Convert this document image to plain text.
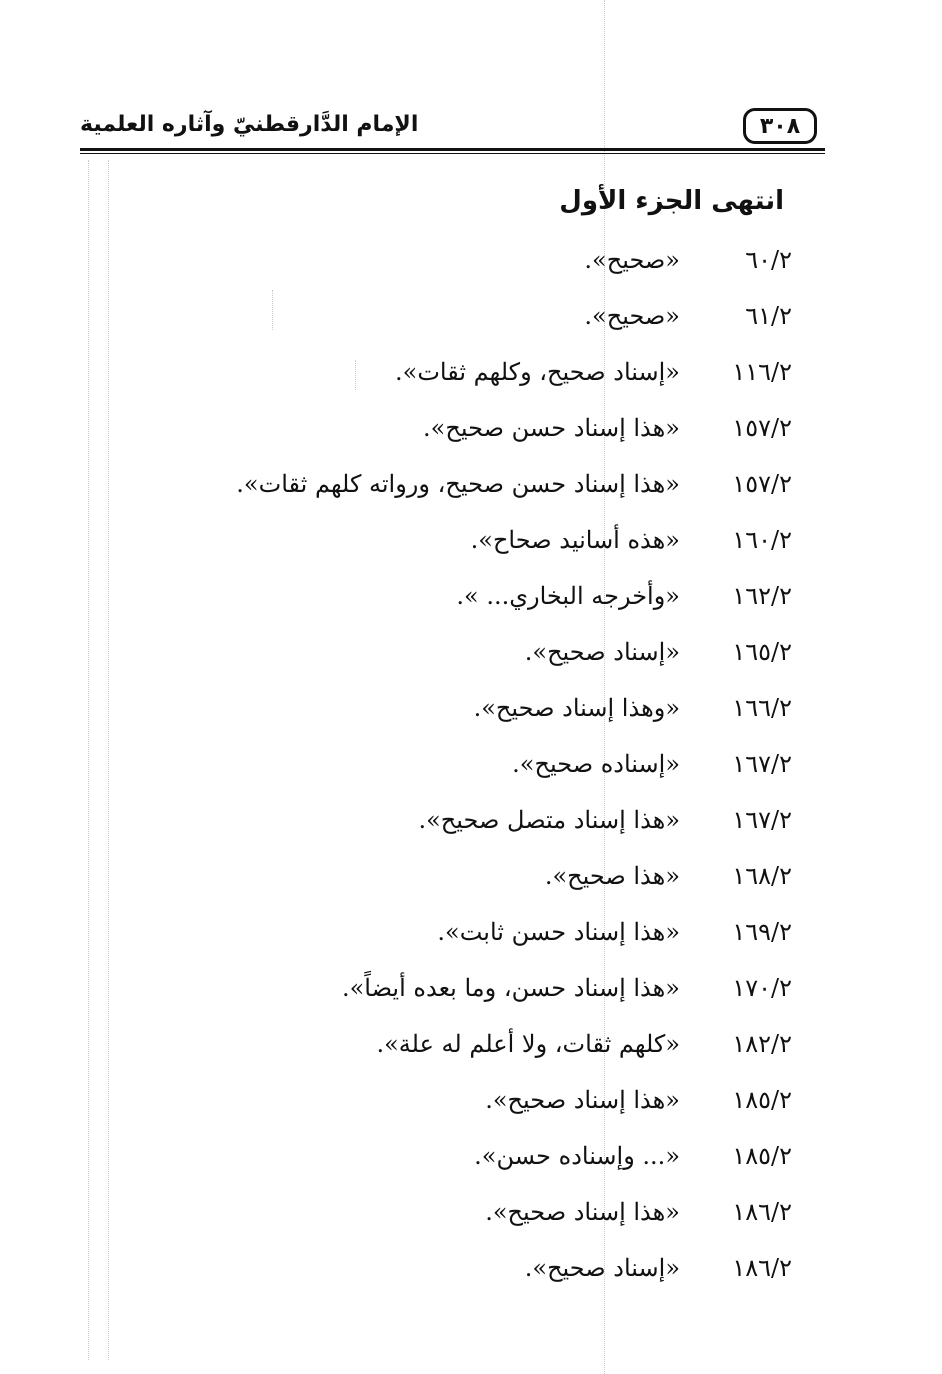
الإمام الدَّارقطنيّ وآثاره العلمية	٣٠٨
انتهى الجزء الأول
٦٠/٢
«صحيح».
٦١/٢
«صحيح».
١١٦/٢
«إسناد صحيح، وكلهم ثقات».
١٥٧/٢
«هذا إسناد حسن صحيح».
١٥٧/٢
«هذا إسناد حسن صحيح، ورواته كلهم ثقات».
١٦٠/٢
«هذه أسانيد صحاح».
١٦٢/٢
«وأخرجه البخاري... ».
١٦٥/٢
«إسناد صحيح».
١٦٦/٢
«وهذا إسناد صحيح».
١٦٧/٢
«إسناده صحيح».
١٦٧/٢
«هذا إسناد متصل صحيح».
١٦٨/٢
«هذا صحيح».
١٦٩/٢
«هذا إسناد حسن ثابت».
١٧٠/٢
«هذا إسناد حسن، وما بعده أيضاً».
١٨٢/٢
«كلهم ثقات، ولا أعلم له علة».
١٨٥/٢
«هذا إسناد صحيح».
١٨٥/٢
«... وإسناده حسن».
١٨٦/٢
«هذا إسناد صحيح».
١٨٦/٢
«إسناد صحيح».
